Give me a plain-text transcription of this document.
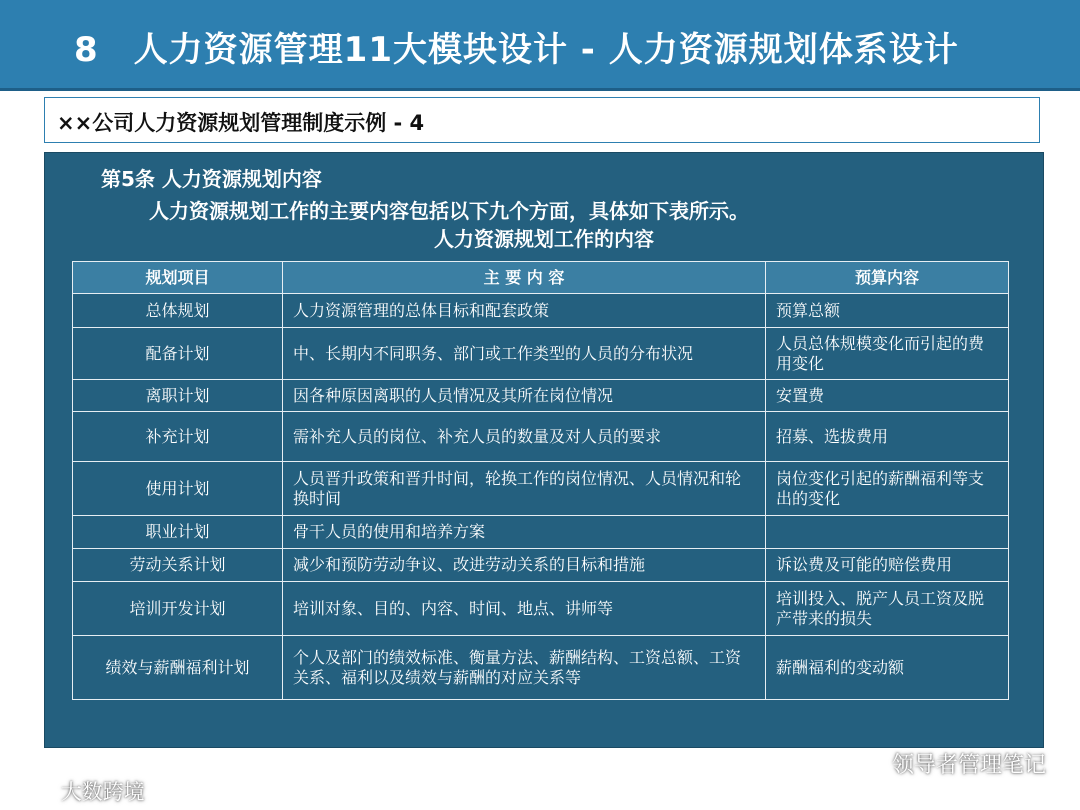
8　人力资源管理11大模块设计 - 人力资源规划体系设计
××公司人力资源规划管理制度示例 - 4
第5条 人力资源规划内容
人力资源规划工作的主要内容包括以下九个方面，具体如下表所示。
人力资源规划工作的内容
规划项目	主 要 内 容	预算内容
总体规划	人力资源管理的总体目标和配套政策	预算总额
配备计划	中、长期内不同职务、部门或工作类型的人员的分布状况	人员总体规模变化而引起的费用变化
离职计划	因各种原因离职的人员情况及其所在岗位情况	安置费
补充计划	需补充人员的岗位、补充人员的数量及对人员的要求	招募、选拔费用
使用计划	人员晋升政策和晋升时间，轮换工作的岗位情况、人员情况和轮换时间	岗位变化引起的薪酬福利等支出的变化
职业计划	骨干人员的使用和培养方案	
劳动关系计划	减少和预防劳动争议、改进劳动关系的目标和措施	诉讼费及可能的赔偿费用
培训开发计划	培训对象、目的、内容、时间、地点、讲师等	培训投入、脱产人员工资及脱产带来的损失
绩效与薪酬福利计划	个人及部门的绩效标准、衡量方法、薪酬结构、工资总额、工资关系、福利以及绩效与薪酬的对应关系等	薪酬福利的变动额
领导者管理笔记
大数跨境
